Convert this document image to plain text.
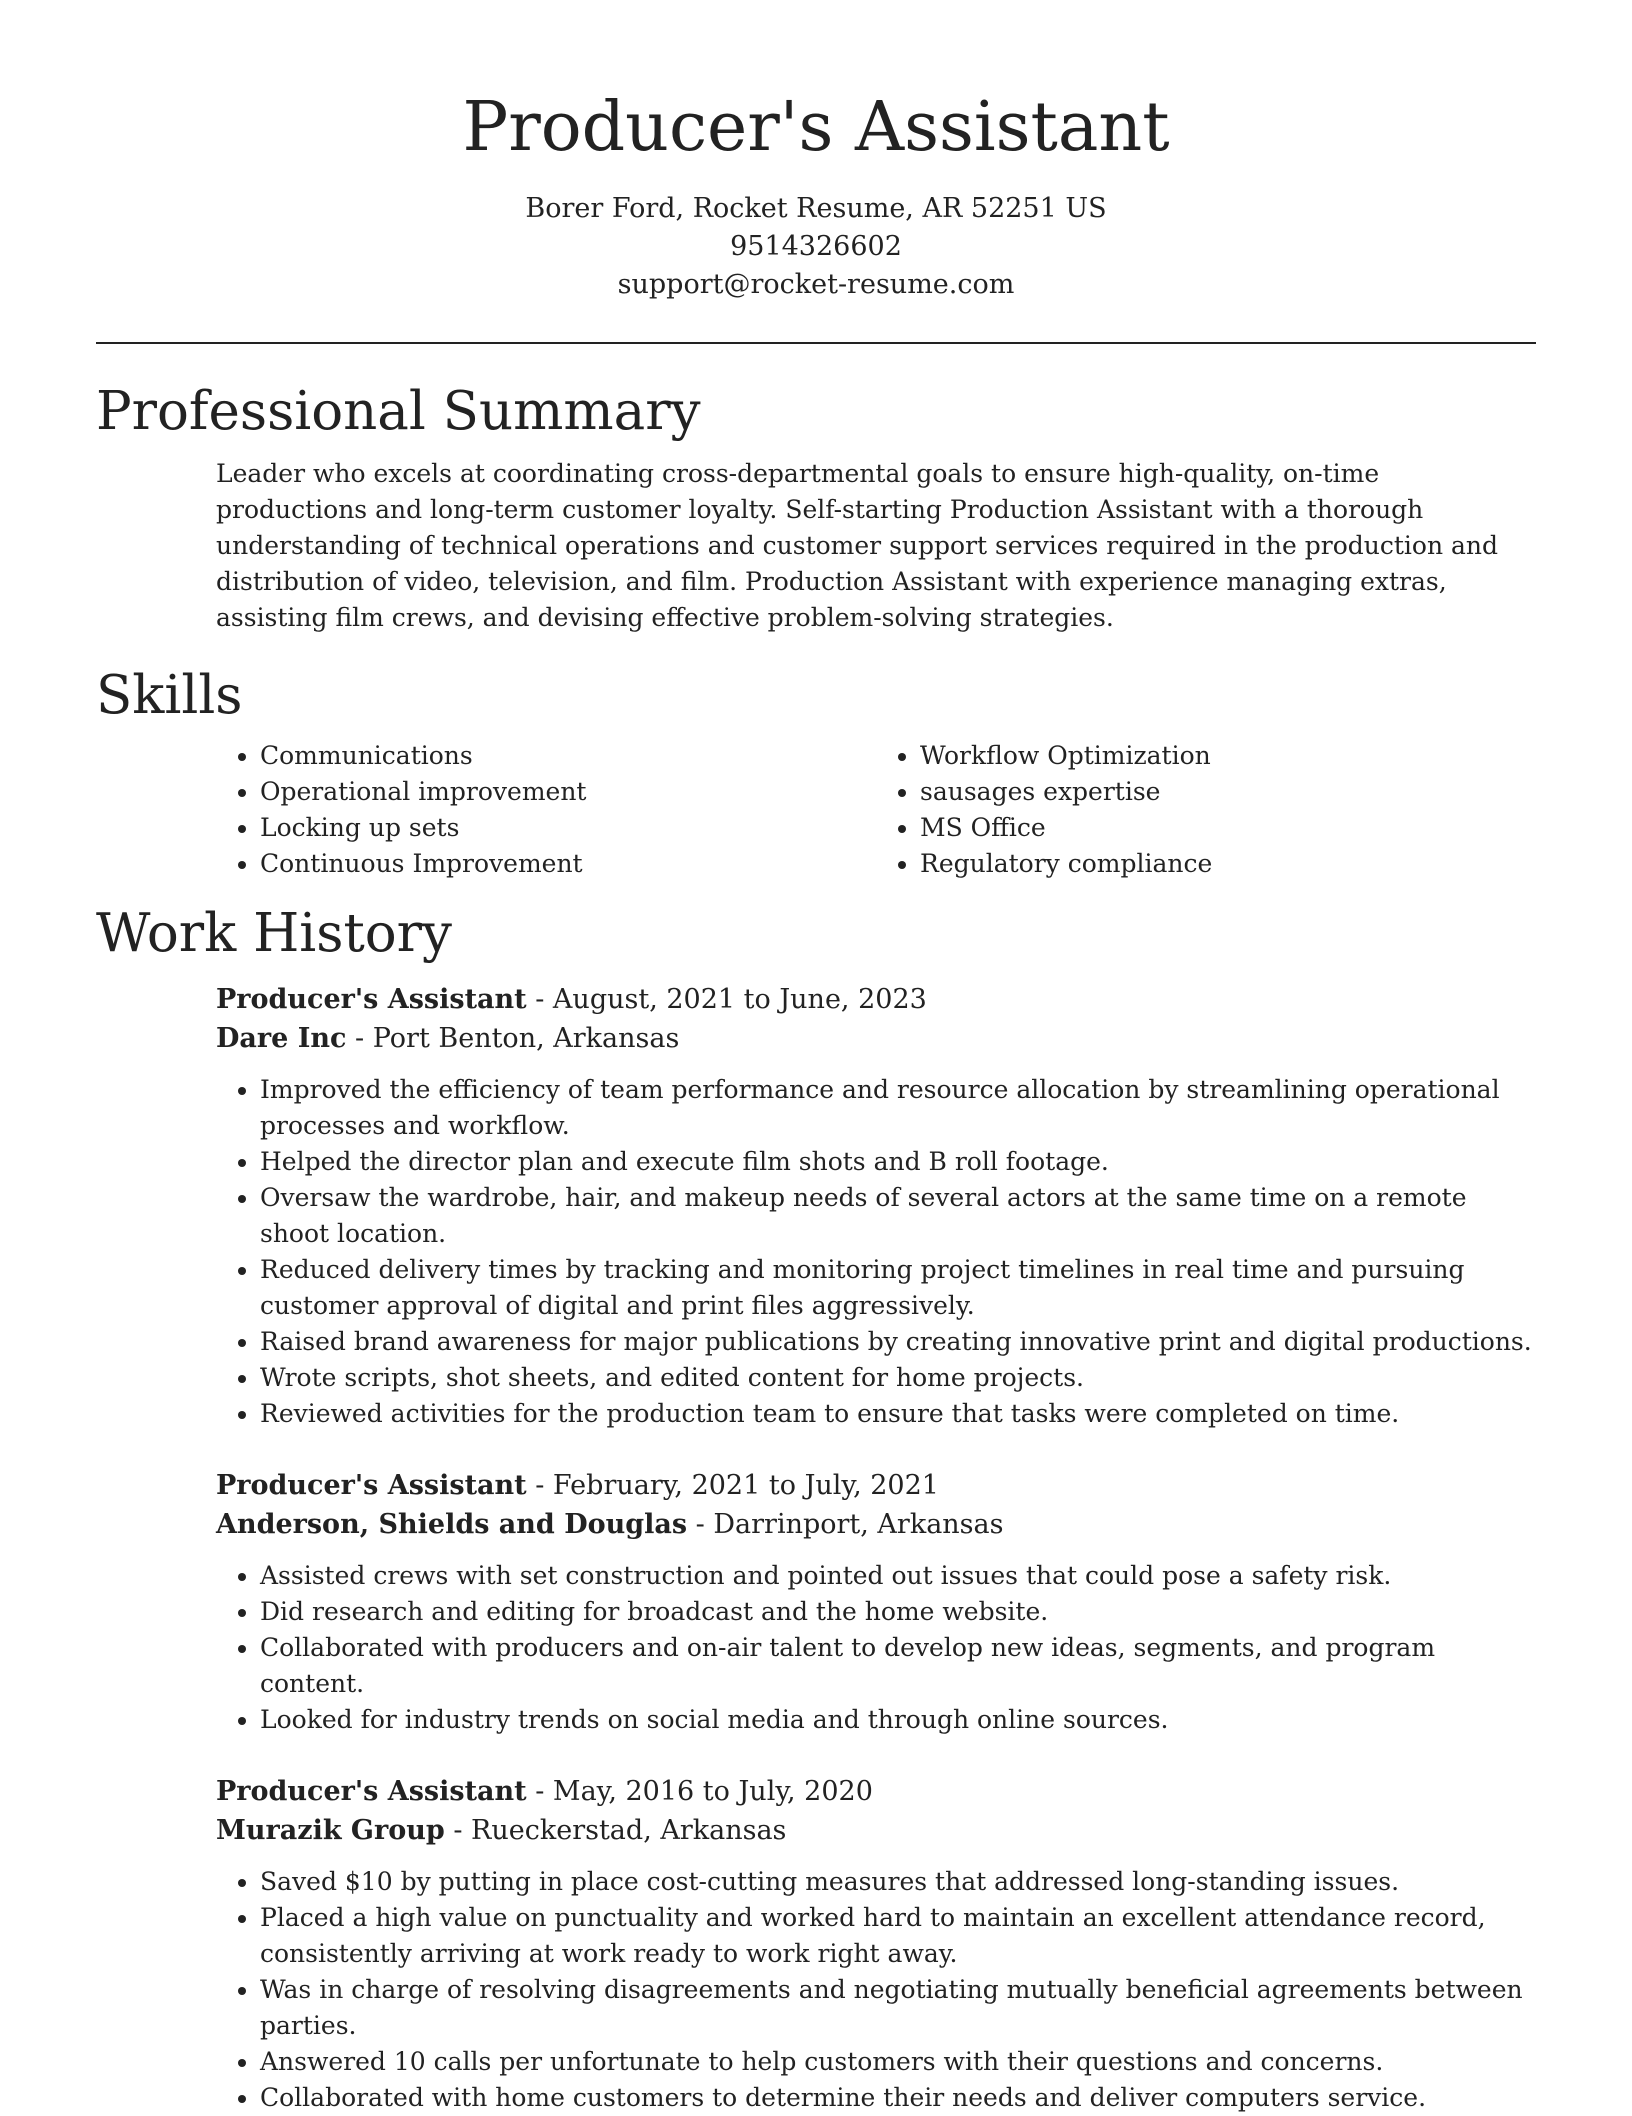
Producer's Assistant
Borer Ford, Rocket Resume, AR 52251 US
9514326602
support@rocket-resume.com
Professional Summary

Leader who excels at coordinating cross-departmental goals to ensure high-quality, on-time productions and long-term customer loyalty. Self-starting Production Assistant with a thorough understanding of technical operations and customer support services required in the production and distribution of video, television, and film. Production Assistant with experience managing extras, assisting film crews, and devising effective problem-solving strategies.

Skills
• Communications
• Operational improvement
• Locking up sets
• Continuous Improvement
• Workflow Optimization
• sausages expertise
• MS Office
• Regulatory compliance
Work History
Producer's Assistant - August, 2021 to June, 2023
Dare Inc - Port Benton, Arkansas
• Improved the efficiency of team performance and resource allocation by streamlining operational processes and workflow.
• Helped the director plan and execute film shots and B roll footage.
• Oversaw the wardrobe, hair, and makeup needs of several actors at the same time on a remote shoot location.
• Reduced delivery times by tracking and monitoring project timelines in real time and pursuing customer approval of digital and print files aggressively.
• Raised brand awareness for major publications by creating innovative print and digital productions.
• Wrote scripts, shot sheets, and edited content for home projects.
• Reviewed activities for the production team to ensure that tasks were completed on time.
Producer's Assistant - February, 2021 to July, 2021
Anderson, Shields and Douglas - Darrinport, Arkansas
• Assisted crews with set construction and pointed out issues that could pose a safety risk.
• Did research and editing for broadcast and the home website.
• Collaborated with producers and on-air talent to develop new ideas, segments, and program content.
• Looked for industry trends on social media and through online sources.
Producer's Assistant - May, 2016 to July, 2020
Murazik Group - Rueckerstad, Arkansas
• Saved $10 by putting in place cost-cutting measures that addressed long-standing issues.
• Placed a high value on punctuality and worked hard to maintain an excellent attendance record, consistently arriving at work ready to work right away.
• Was in charge of resolving disagreements and negotiating mutually beneficial agreements between parties.
• Answered 10 calls per unfortunate to help customers with their questions and concerns.
• Collaborated with home customers to determine their needs and deliver computers service.
